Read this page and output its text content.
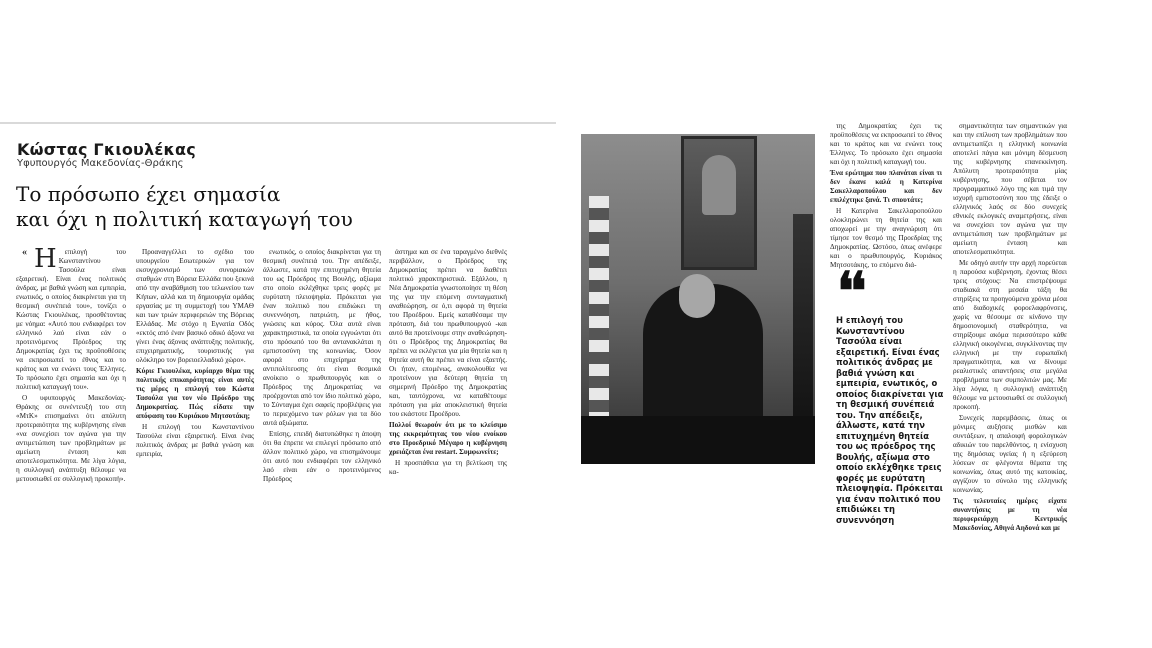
Κώστας Γκιουλέκας
Υφυπουργός Μακεδονίας-Θράκης
Το πρόσωπο έχει σημασία
και όχι η πολιτική καταγωγή του

« Η επιλογή του Κωνσταντίνου Τασούλα είναι εξαιρετική. Είναι ένας πολιτικός άνδρας, με βαθιά γνώση και εμπειρία, ενωτικός, ο οποίος διακρίνεται για τη θεσμική συνέπειά του», τονίζει ο Κώστας Γκιουλέκας, προσθέτοντας με νόημα: «Αυτό που ενδιαφέρει τον ελληνικό λαό είναι εάν ο προτεινόμενος Πρόεδρος της Δημοκρατίας έχει τις προϋποθέσεις να εκπροσωπεί το έθνος και το κράτος και να ενώνει τους Έλληνες. Το πρόσωπο έχει σημασία και όχι η πολιτική καταγωγή του».

Ο υφυπουργός Μακεδονίας-Θράκης σε συνέντευξή του στη «ΜτΚ» επισημαίνει ότι απόλυτη προτεραιότητα της κυβέρνησης είναι «να συνεχίσει τον αγώνα για την αντιμετώπιση των προβλημάτων με αμείωτη ένταση και αποτελεσματικότητα. Με λίγα λόγια, η συλλογική ανάπτυξη θέλουμε να μετουσιωθεί σε συλλογική προκοπή».

Προαναγγέλλει το σχέδιο του υπουργείου Εσωτερικών για τον εκσυγχρονισμό των συνοριακών σταθμών στη Βόρεια Ελλάδα που ξεκινά από την αναβάθμιση του τελωνείου των Κήπων, αλλά και τη δημιουργία ομάδας εργασίας με τη συμμετοχή του ΥΜΑΘ και των τριών περιφερειών της Βόρειας Ελλάδας. Με στόχο η Εγνατία Οδός «εκτός από έναν βασικό οδικό άξονα να γίνει ένας άξονας ανάπτυξης πολιτικής, επιχειρηματικής, τουριστικής για ολόκληρο τον βορειοελλαδικό χώρο».

Κύριε Γκιουλέκα, κυρίαρχο θέμα της πολιτικής επικαιρότητας είναι αυτές τις μέρες η επιλογή του Κώστα Τασούλα για τον νέο Πρόεδρο της Δημοκρατίας. Πώς είδατε την απόφαση του Κυριάκου Μητσοτάκη;

Η επιλογή του Κωνσταντίνου Τασούλα είναι εξαιρετική. Είναι ένας πολιτικός άνδρας με βαθιά γνώση και εμπειρία,

ενωτικός, ο οποίος διακρίνεται για τη θεσμική συνέπειά του. Την απέδειξε, άλλωστε, κατά την επιτυχημένη θητεία του ως Πρόεδρος της Βουλής, αξίωμα στο οποίο εκλέχθηκε τρεις φορές με ευρύτατη πλειοψηφία. Πρόκειται για έναν πολιτικό που επιδιώκει τη συνεννόηση, πατριώτη, με ήθος, γνώσεις και κύρος. Όλα αυτά είναι χαρακτηριστικά, τα οποία εγγυώνται ότι στο πρόσωπό του θα αντανακλάται η εμπιστοσύνη της κοινωνίας. Όσον αφορά στο επιχείρημα της αντιπολίτευσης ότι είναι θεσμικά ανοίκειο ο πρωθυπουργός και ο Πρόεδρος της Δημοκρατίας να προέρχονται από τον ίδιο πολιτικό χώρο, το Σύνταγμα έχει σαφείς προβλέψεις για το περιεχόμενο των ρόλων για τα δύο αυτά αξιώματα.

Επίσης, επειδή διατυπώθηκε η άποψη ότι θα έπρεπε να επιλεγεί πρόσωπο από άλλον πολιτικό χώρο, να επισημάνουμε ότι αυτό που ενδιαφέρει τον ελληνικό λαό είναι εάν ο προτεινόμενος Πρόεδρος

άστημα και σε ένα ταραγμένο διεθνές περιβάλλον, ο Πρόεδρος της Δημοκρατίας πρέπει να διαθέτει πολιτικό χαρακτηριστικά. Εξάλλου, η Νέα Δημοκρατία γνωστοποίησε τη θέση της για την επόμενη συνταγματική αναθεώρηση, σε ό,τι αφορά τη θητεία του Προέδρου. Εμείς καταθέσαμε την πρόταση, διά του πρωθυπουργού -και αυτό θα προτείνουμε στην αναθεώρηση- ότι ο Πρόεδρος της Δημοκρατίας θα πρέπει να εκλέγεται για μία θητεία και η θητεία αυτή θα πρέπει να είναι εξαετής. Οι ήταν, επομένως, ανακολουθία να προτείνουν για δεύτερη θητεία τη σημερινή Πρόεδρο της Δημοκρατίας και, ταυτόχρονα, να καταθέτουμε πρόταση για μία αποκλειστική θητεία του εκάστοτε Προέδρου.

Πολλοί θεωρούν ότι με το κλείσιμο της εκκρεμότητας του νέου ενοίκου στο Προεδρικό Μέγαρο η κυβέρνηση χρειάζεται ένα restart. Συμφωνείτε;

Η προσπάθεια για τη βελτίωση της κα-

της Δημοκρατίας έχει τις προϋποθέσεις να εκπροσωπεί το έθνος και το κράτος και να ενώνει τους Έλληνες. Το πρόσωπο έχει σημασία και όχι η πολιτική καταγωγή του.

Ένα ερώτημα που πλανάται είναι τι δεν έκανε καλά η Κατερίνα Σακελλαροπούλου και δεν επιλέχτηκε ξανά. Τι σπουτάτε;

Η Κατερίνα Σακελλαροπούλου ολοκληρώνει τη θητεία της και αποχωρεί με την αναγνώριση ότι τίμησε τον θεσμό της Προεδρίας της Δημοκρατίας. Ωστόσο, όπως ανέφερε και ο πρωθυπουργός, Κυριάκος Μητσοτάκης, το επόμενο διά-

❛❛
Η επιλογή του Κωνσταντίνου Τασούλα είναι εξαιρετική. Είναι ένας πολιτικός άνδρας με βαθιά γνώση και εμπειρία, ενωτικός, ο οποίος διακρίνεται για τη θεσμική συνέπειά του. Την απέδειξε, άλλωστε, κατά την επιτυχημένη θητεία του ως πρόεδρος της Βουλής, αξίωμα στο οποίο εκλέχθηκε τρεις φορές με ευρύτατη πλειοψηφία. Πρόκειται για έναν πολιτικό που επιδιώκει τη συνεννόηση

σημαντικότητα των σημαντικών για και την επίλυση των προβλημάτων που αντιμετωπίζει η ελληνική κοινωνία αποτελεί πάγια και μόνιμη δέσμευση της κυβέρνησης επανεκκίνηση. Απόλυτη προτεραιότητα μίας κυβέρνησης, που σέβεται τον προγραμματικό λόγο της και τιμά την ισχυρή εμπιστοσύνη που της έδειξε ο ελληνικός λαός σε δύο συνεχείς εθνικές εκλογικές αναμετρήσεις, είναι να συνεχίσει τον αγώνα για την αντιμετώπιση των προβλημάτων με αμείωτη ένταση και αποτελεσματικότητα.

Με οδηγό αυτήν την αρχή πορεύεται η παρούσα κυβέρνηση, έχοντας θέσει τρεις στόχους: Να επιστρέψουμε σταδιακά στη μεσαία τάξη θα στηρίξεις τα προηγούμενα χρόνια μέσα από διαδοχικές φοροελαφρύνσεις, χωρίς να θέσουμε σε κίνδυνο την δημοσιονομική σταθερότητα, να στηρίξουμε ακόμα περισσότερο κάθε ελληνική οικογένεια, συγκλίνοντας την ελληνική με την ευρωπαϊκή πραγματικότητα, και να δίνουμε ρεαλιστικές απαντήσεις στα μεγάλα προβλήματα των συμπολιτών μας. Με λίγα λόγια, η συλλογική ανάπτυξη θέλουμε να μετουσιωθεί σε συλλογική προκοπή.

Συνεχείς παρεμβάσεις, όπως οι μόνιμες αυξήσεις μισθών και συντάξεων, η απαλοιφή φορολογικών αδικιών του παρελθόντος, η ενίσχυση της δημόσιας υγείας ή η εξεύρεση λύσεων σε φλέγοντα θέματα της κοινωνίας, όπως αυτό της κατοικίας, αγγίζουν το σύνολο της ελληνικής κοινωνίας.

Τις τελευταίες ημέρες είχατε συναντήσεις με τη νέα περιφερειάρχη Κεντρικής Μακεδονίας, Αθηνά Αηδονά και με
